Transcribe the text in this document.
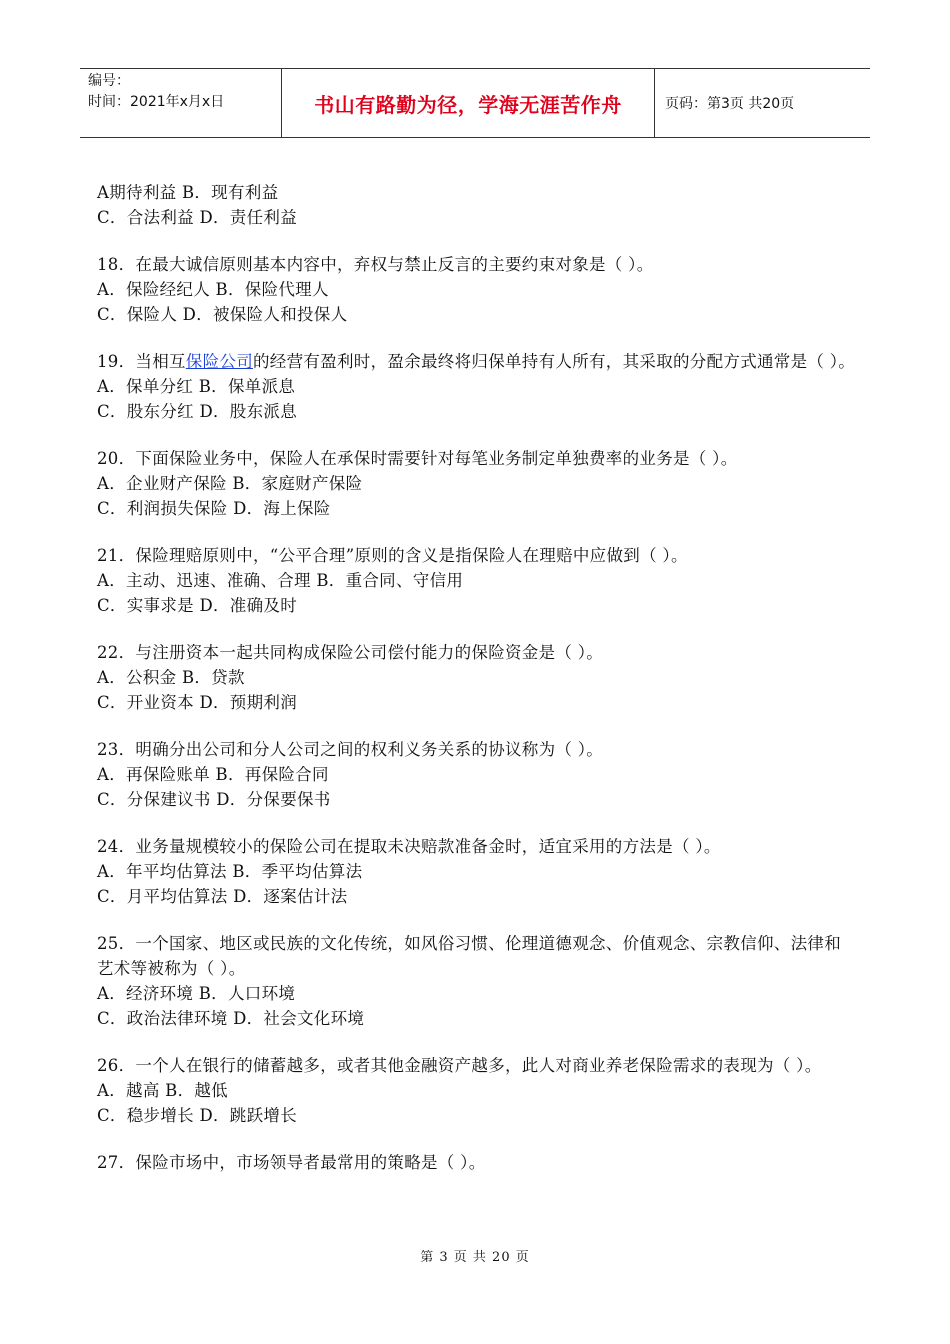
编号：
时间：2021年x月x日	书山有路勤为径，学海无涯苦作舟	页码：第3页 共20页
A期待利益 B．现有利益
C．合法利益 D．责任利益
18．在最大诚信原则基本内容中，弃权与禁止反言的主要约束对象是（ ）。
A．保险经纪人 B．保险代理人
C．保险人 D．被保险人和投保人
19．当相互保险公司的经营有盈利时，盈余最终将归保单持有人所有，其采取的分配方式通常是（ ）。
A．保单分红 B．保单派息
C．股东分红 D．股东派息
20．下面保险业务中，保险人在承保时需要针对每笔业务制定单独费率的业务是（ ）。
A．企业财产保险 B．家庭财产保险
C．利润损失保险 D．海上保险
21．保险理赔原则中，“公平合理”原则的含义是指保险人在理赔中应做到（ ）。
A．主动、迅速、准确、合理 B．重合同、守信用
C．实事求是 D．准确及时
22．与注册资本一起共同构成保险公司偿付能力的保险资金是（ ）。
A．公积金 B．贷款
C．开业资本 D．预期利润
23．明确分出公司和分人公司之间的权利义务关系的协议称为（ ）。
A．再保险账单 B．再保险合同
C．分保建议书 D．分保要保书
24．业务量规模较小的保险公司在提取未决赔款准备金时，适宜采用的方法是（ ）。
A．年平均估算法 B．季平均估算法
C．月平均估算法 D．逐案估计法
25．一个国家、地区或民族的文化传统，如风俗习惯、伦理道德观念、价值观念、宗教信仰、法律和艺术等被称为（ ）。
A．经济环境 B．人口环境
C．政治法律环境 D．社会文化环境
26．一个人在银行的储蓄越多，或者其他金融资产越多，此人对商业养老保险需求的表现为（ ）。
A．越高 B．越低
C．稳步增长 D．跳跃增长
27．保险市场中，市场领导者最常用的策略是（ ）。
第 3 页 共 20 页
